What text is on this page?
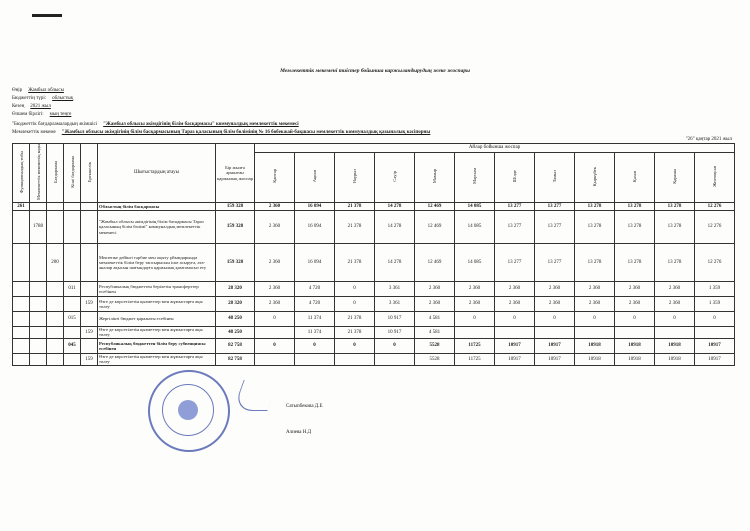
Мемлекеттік мекемені тиістер бойынша каржыландырудың жеке жоспары
Өңір Жамбыл облысы
Бюджеттің түрі: облыстық
Кезең 2021 жыл
Өлшем бірлігі: мың теңге
"Бюджеттік бағдарламалардың әкімшісі "Жамбыл облысы әкімдігінің білім басқармасы" коммуналдық мемлекеттік мекемесі
Мемлекеттік мекеме "Жамбыл облысы әкімдігінің білім басқармасының Тараз қаласының білім бөлімінің № 16 бөбекжай-бақшасы мемлекеттік коммуналдық қазыналық кәсіпорны
"26" қаңтар 2021 жыл
Функционалдық тобы	Мемлекеттік мекеменің коды	Бағдарлама	Кіші бағдарлама	Ерекшелік	Шығыстардың атауы	Бір жылға арналған қаржылық жоспар	Айлар бойынша жоспар											
							Қантар	Ақпан	Наурыз	Сәуір	Мамыр	Маусым	Шілде	Тамыз	Қыркүйек	Қазан	Қараша	Желтоқсан
261					Облыстың білім басқармасы	159 328	2 360	16 094	21 378	14 278	12 469	14 085	13 277	13 277	13 278	13 278	13 278	12 276
	1788				"Жамбыл облысы әкімдігінің білім басқармасы Тараз қаласының білім бөлімі" коммуналдық мемлекеттік мекемесі	159 328	2 360	16 094	21 378	14 278	12 469	14 085	13 277	13 277	13 278	13 278	13 278	12 276
		200			Мектепке дейінгі тәрбие мен оқыту ұйымдарында мемлекеттік білім беру тапсырысын іске асыруға, ата-аналар ақысын шағындауға қаржылық қамтамасыз ету	159 328	2 360	16 094	21 378	14 278	12 469	14 085	13 277	13 277	13 278	13 278	13 278	12 276
			011		Республикалық бюджеттен берілетін трансферттер есебінен	28 320	2 360	4 720	0	3 361	2 360	2 360	2 360	2 360	2 360	2 360	2 360	1 359
				159	Өзге де көрсетілетін қызметтер мен жұмыстарға ақы төлеу	28 320	2 360	4 720	0	3 361	2 360	2 360	2 360	2 360	2 360	2 360	2 360	1 359
			015		Жергілікті бюджет қаражаты есебінен	48 250	0	11 374	21 378	10 917	4 581	0	0	0	0	0	0	0
				159	Өзге де көрсетілетін қызметтер мен жұмыстарға ақы төлеу	48 250		11 374	21 378	10 917	4 581							
			045		Республикалық бюджеттен білім беру субвенциясы есебінен	82 758	0	0	0	0	5528	11725	10917	10917	10918	10918	10918	10917
				159	Өзге де көрсетілетін қызметтер мен жұмыстарға ақы төлеу	82 758					5528	11725	10917	10917	10918	10918	10918	10917
Сатыпбекова Д.Е
Алиева Н.Д
